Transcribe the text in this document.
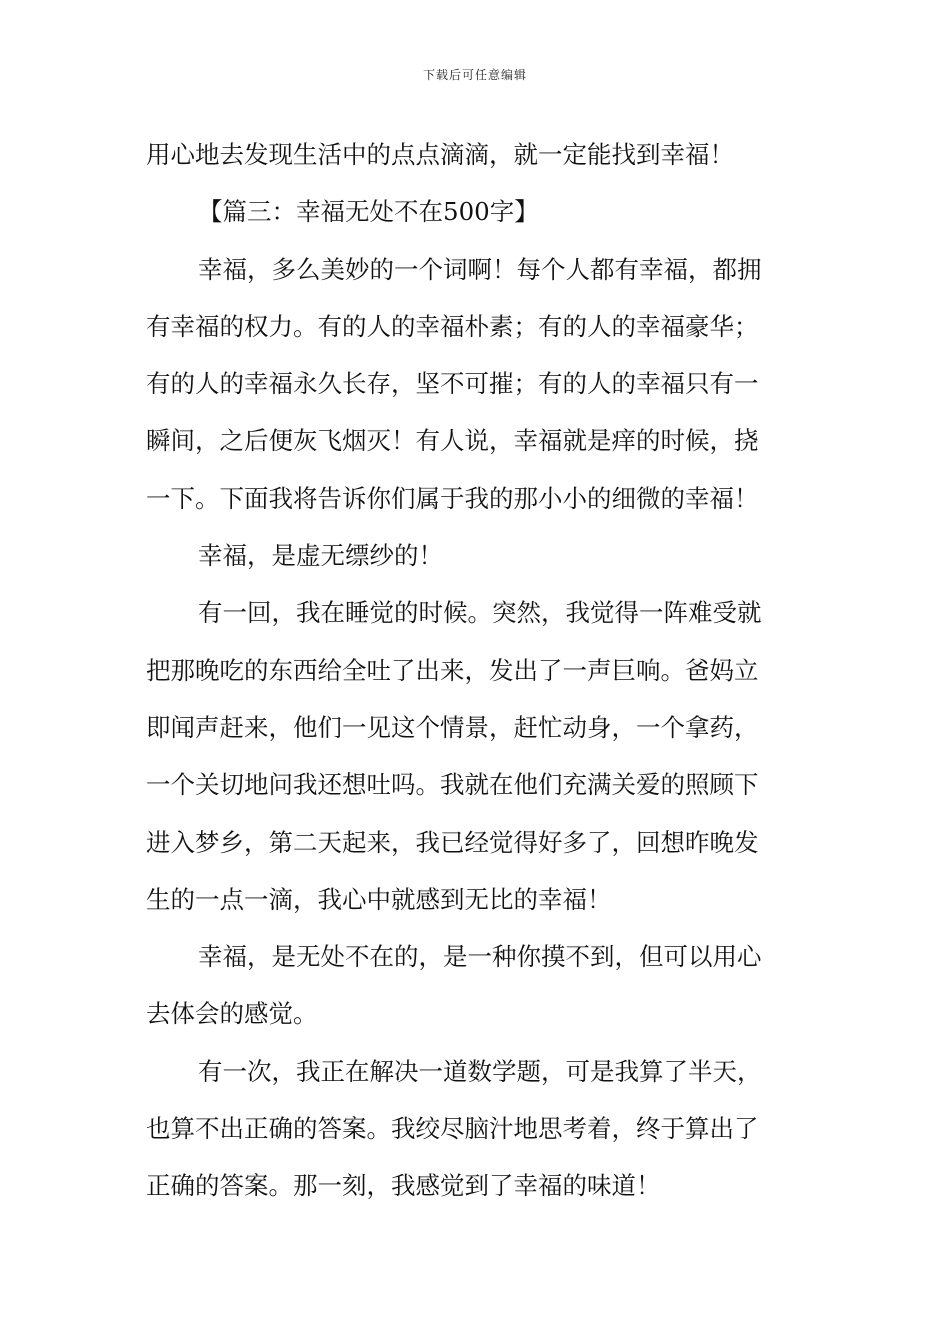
下载后可任意编辑
用心地去发现生活中的点点滴滴，就一定能找到幸福！
【篇三：幸福无处不在500字】
幸福，多么美妙的一个词啊！每个人都有幸福，都拥
有幸福的权力。有的人的幸福朴素；有的人的幸福豪华；
有的人的幸福永久长存，坚不可摧；有的人的幸福只有一
瞬间，之后便灰飞烟灭！有人说，幸福就是痒的时候，挠
一下。下面我将告诉你们属于我的那小小的细微的幸福！
幸福，是虚无缥纱的！
有一回，我在睡觉的时候。突然，我觉得一阵难受就
把那晚吃的东西给全吐了出来，发出了一声巨响。爸妈立
即闻声赶来，他们一见这个情景，赶忙动身，一个拿药，
一个关切地问我还想吐吗。我就在他们充满关爱的照顾下
进入梦乡，第二天起来，我已经觉得好多了，回想昨晚发
生的一点一滴，我心中就感到无比的幸福！
幸福，是无处不在的，是一种你摸不到，但可以用心
去体会的感觉。
有一次，我正在解决一道数学题，可是我算了半天，
也算不出正确的答案。我绞尽脑汁地思考着，终于算出了
正确的答案。那一刻，我感觉到了幸福的味道！
